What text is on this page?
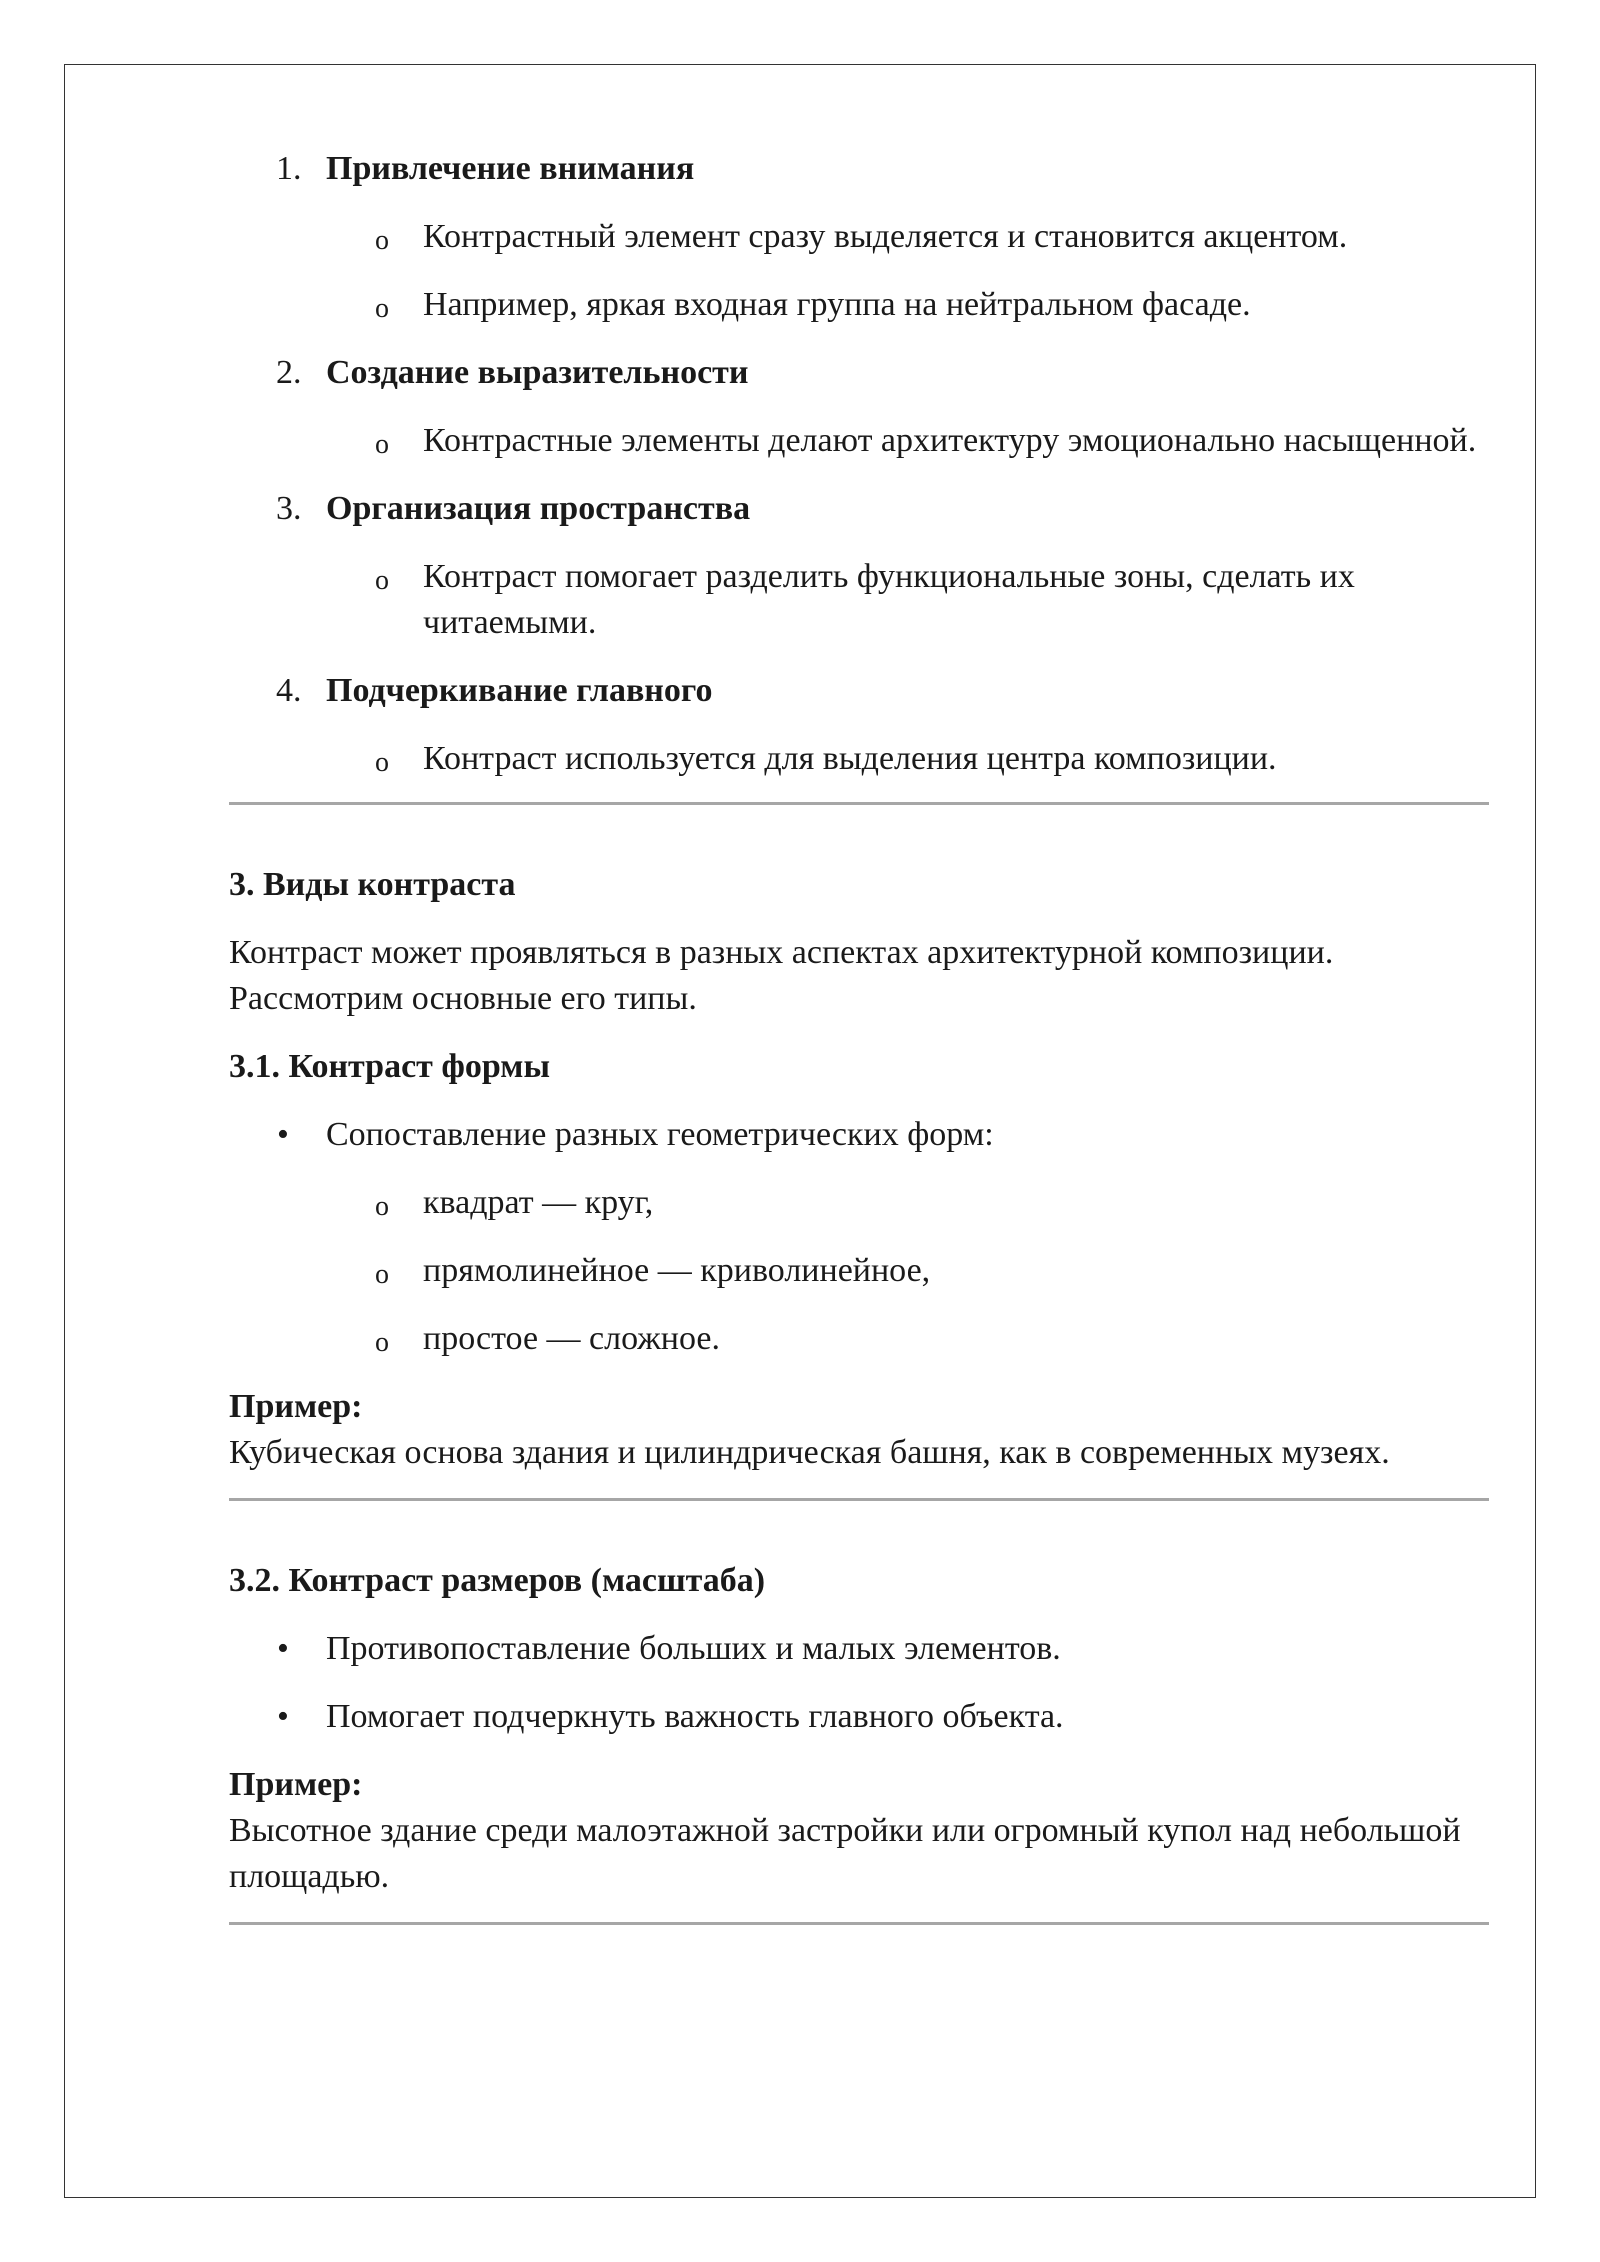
1. Привлечение внимания
o Контрастный элемент сразу выделяется и становится акцентом.
o Например, яркая входная группа на нейтральном фасаде.
2. Создание выразительности
o Контрастные элементы делают архитектуру эмоционально насыщенной.
3. Организация пространства
o Контраст помогает разделить функциональные зоны, сделать их читаемыми.
4. Подчеркивание главного
o Контраст используется для выделения центра композиции.
3. Виды контраста
Контраст может проявляться в разных аспектах архитектурной композиции. Рассмотрим основные его типы.
3.1. Контраст формы
• Сопоставление разных геометрических форм:
o квадрат — круг,
o прямолинейное — криволинейное,
o простое — сложное.
Пример:
Кубическая основа здания и цилиндрическая башня, как в современных музеях.
3.2. Контраст размеров (масштаба)
• Противопоставление больших и малых элементов.
• Помогает подчеркнуть важность главного объекта.
Пример:
Высотное здание среди малоэтажной застройки или огромный купол над небольшой площадью.
